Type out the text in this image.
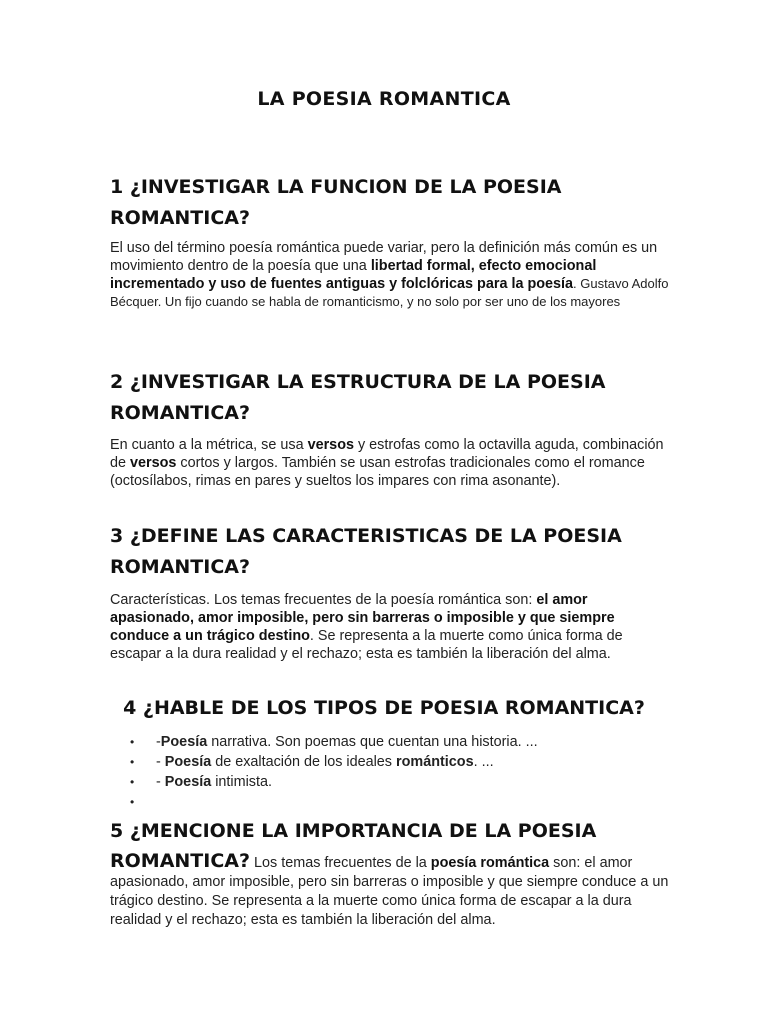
LA POESIA ROMANTICA
1 ¿INVESTIGAR LA FUNCION DE LA POESIA
ROMANTICA?

El uso del término poesía romántica puede variar, pero la definición más común es un movimiento dentro de la poesía que una libertad formal, efecto emocional incrementado y uso de fuentes antiguas y folclóricas para la poesía. Gustavo Adolfo Bécquer. Un fijo cuando se habla de romanticismo, y no solo por ser uno de los mayores

2 ¿INVESTIGAR LA ESTRUCTURA DE LA POESIA
ROMANTICA?

En cuanto a la métrica, se usa versos y estrofas como la octavilla aguda, combinación de versos cortos y largos. También se usan estrofas tradicionales como el romance (octosílabos, rimas en pares y sueltos los impares con rima asonante).

3 ¿DEFINE LAS CARACTERISTICAS DE LA POESIA
ROMANTICA?

Características. Los temas frecuentes de la poesía romántica son: el amor apasionado, amor imposible, pero sin barreras o imposible y que siempre conduce a un trágico destino. Se representa a la muerte como única forma de escapar a la dura realidad y el rechazo; esta es también la liberación del alma.

4 ¿HABLE DE LOS TIPOS DE POESIA ROMANTICA?
• -Poesía narrativa. Son poemas que cuentan una historia. ...
• - Poesía de exaltación de los ideales románticos. ...
• - Poesía intimista.
•
5 ¿MENCIONE LA IMPORTANCIA DE LA POESIA

ROMANTICA? Los temas frecuentes de la poesía romántica son: el amor apasionado, amor imposible, pero sin barreras o imposible y que siempre conduce a un trágico destino. Se representa a la muerte como única forma de escapar a la dura realidad y el rechazo; esta es también la liberación del alma.
